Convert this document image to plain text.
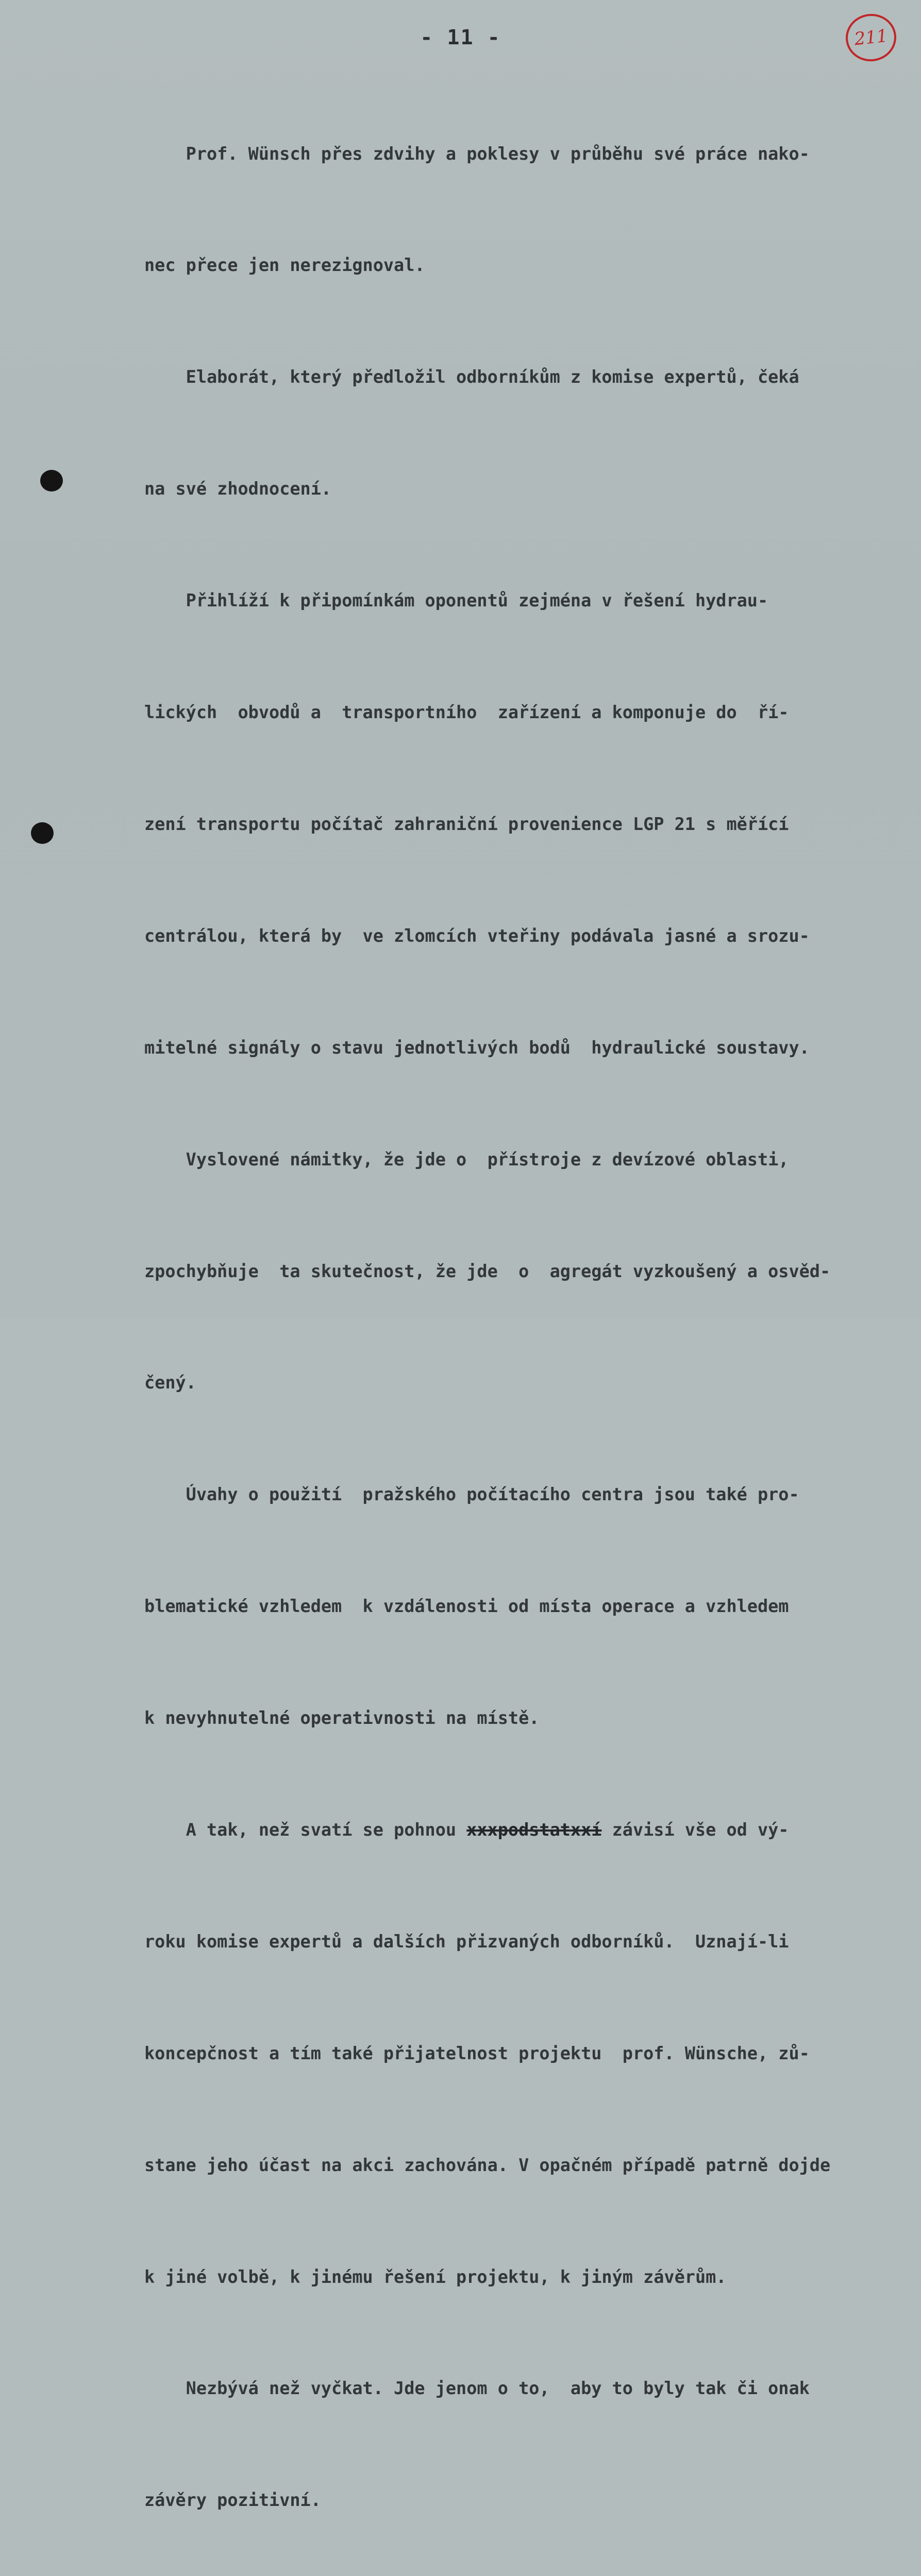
211
- 11 -

Prof. Wünsch přes zdvihy a poklesy v průběhu své práce nako-

nec přece jen nerezignoval.

Elaborát, který předložil odborníkům z komise expertů, čeká

na své zhodnocení.

Přihlíží k připomínkám oponentů zejména v řešení hydrau-

lických  obvodů a  transportního  zařízení a komponuje do  ří-

zení transportu počítač zahraniční provenience LGP 21 s měřící

centrálou, která by  ve zlomcích vteřiny podávala jasné a srozu-

mitelné signály o stavu jednotlivých bodů  hydraulické soustavy.

Vyslovené námitky, že jde o  přístroje z devízové oblasti,

zpochybňuje  ta skutečnost, že jde  o  agregát vyzkoušený a osvěd-

čený.

Úvahy o použití  pražského počítacího centra jsou také pro-

blematické vzhledem  k vzdálenosti od místa operace a vzhledem

k nevyhnutelné operativnosti na místě.

A tak, než svatí se pohnou xxxpodstatxxí závisí vše od vý-

roku komise expertů a dalších přizvaných odborníků.  Uznají-li

koncepčnost a tím také přijatelnost projektu  prof. Wünsche, zů-

stane jeho účast na akci zachována. V opačném případě patrně dojde

k jiné volbě, k jinému řešení projektu, k jiným závěrům.

Nezbývá než vyčkat. Jde jenom o to,  aby to byly tak či onak

závěry pozitivní.
